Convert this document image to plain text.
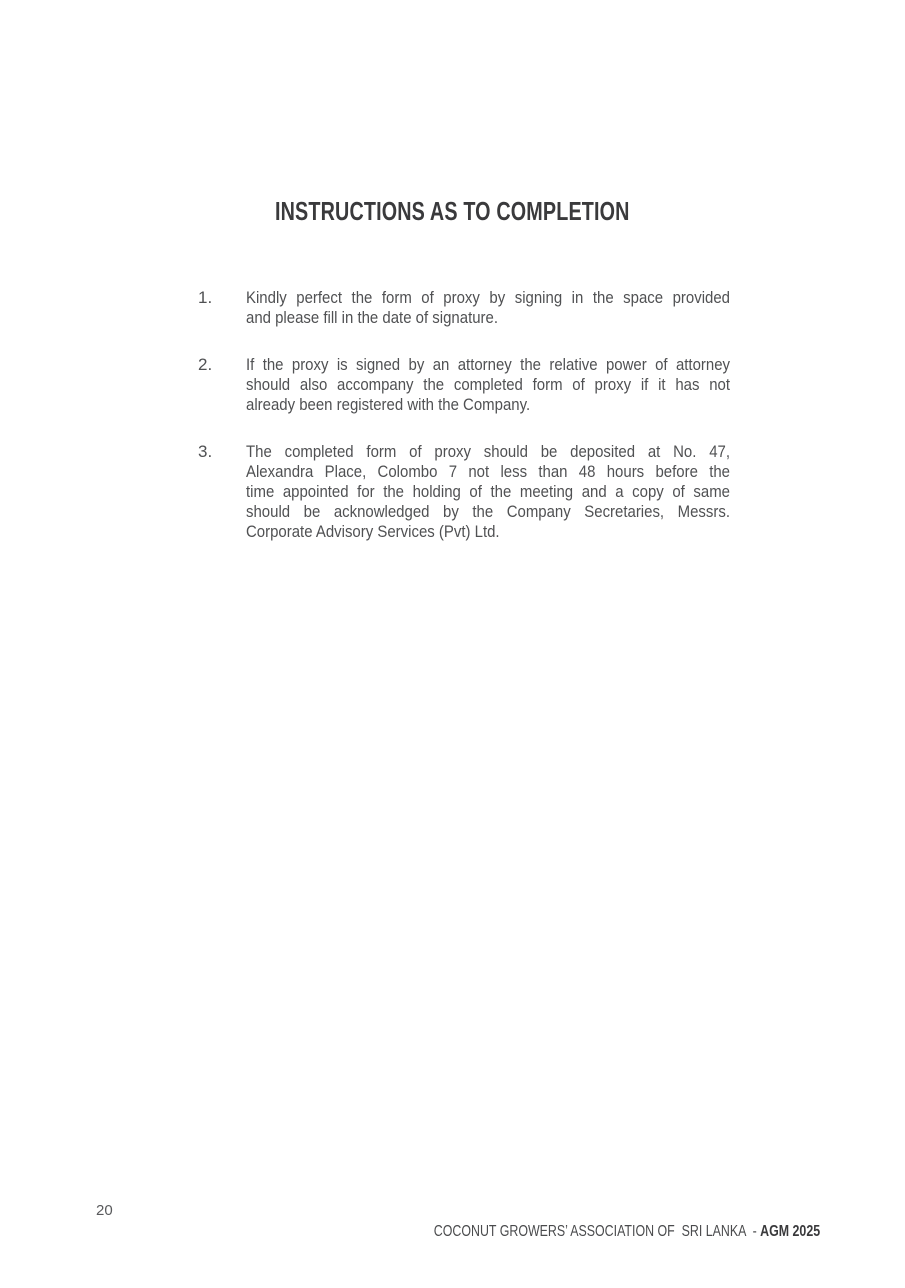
INSTRUCTIONS AS TO COMPLETION
1.	Kindly perfect the form of proxy by signing in the space provided
and please fill in the date of signature.
2.	If the proxy is signed by an attorney the relative power of attorney
should also accompany the completed form of proxy if it has not
already been registered with the Company.
3.	The completed form of proxy should be deposited at No. 47,
Alexandra Place, Colombo 7 not less than 48 hours before the
time appointed for the holding of the meeting and a copy of same
should be acknowledged by the Company Secretaries, Messrs.
Corporate Advisory Services (Pvt) Ltd.
20

COCONUT GROWERS’ ASSOCIATION OF  SRI LANKA  - AGM 2025
